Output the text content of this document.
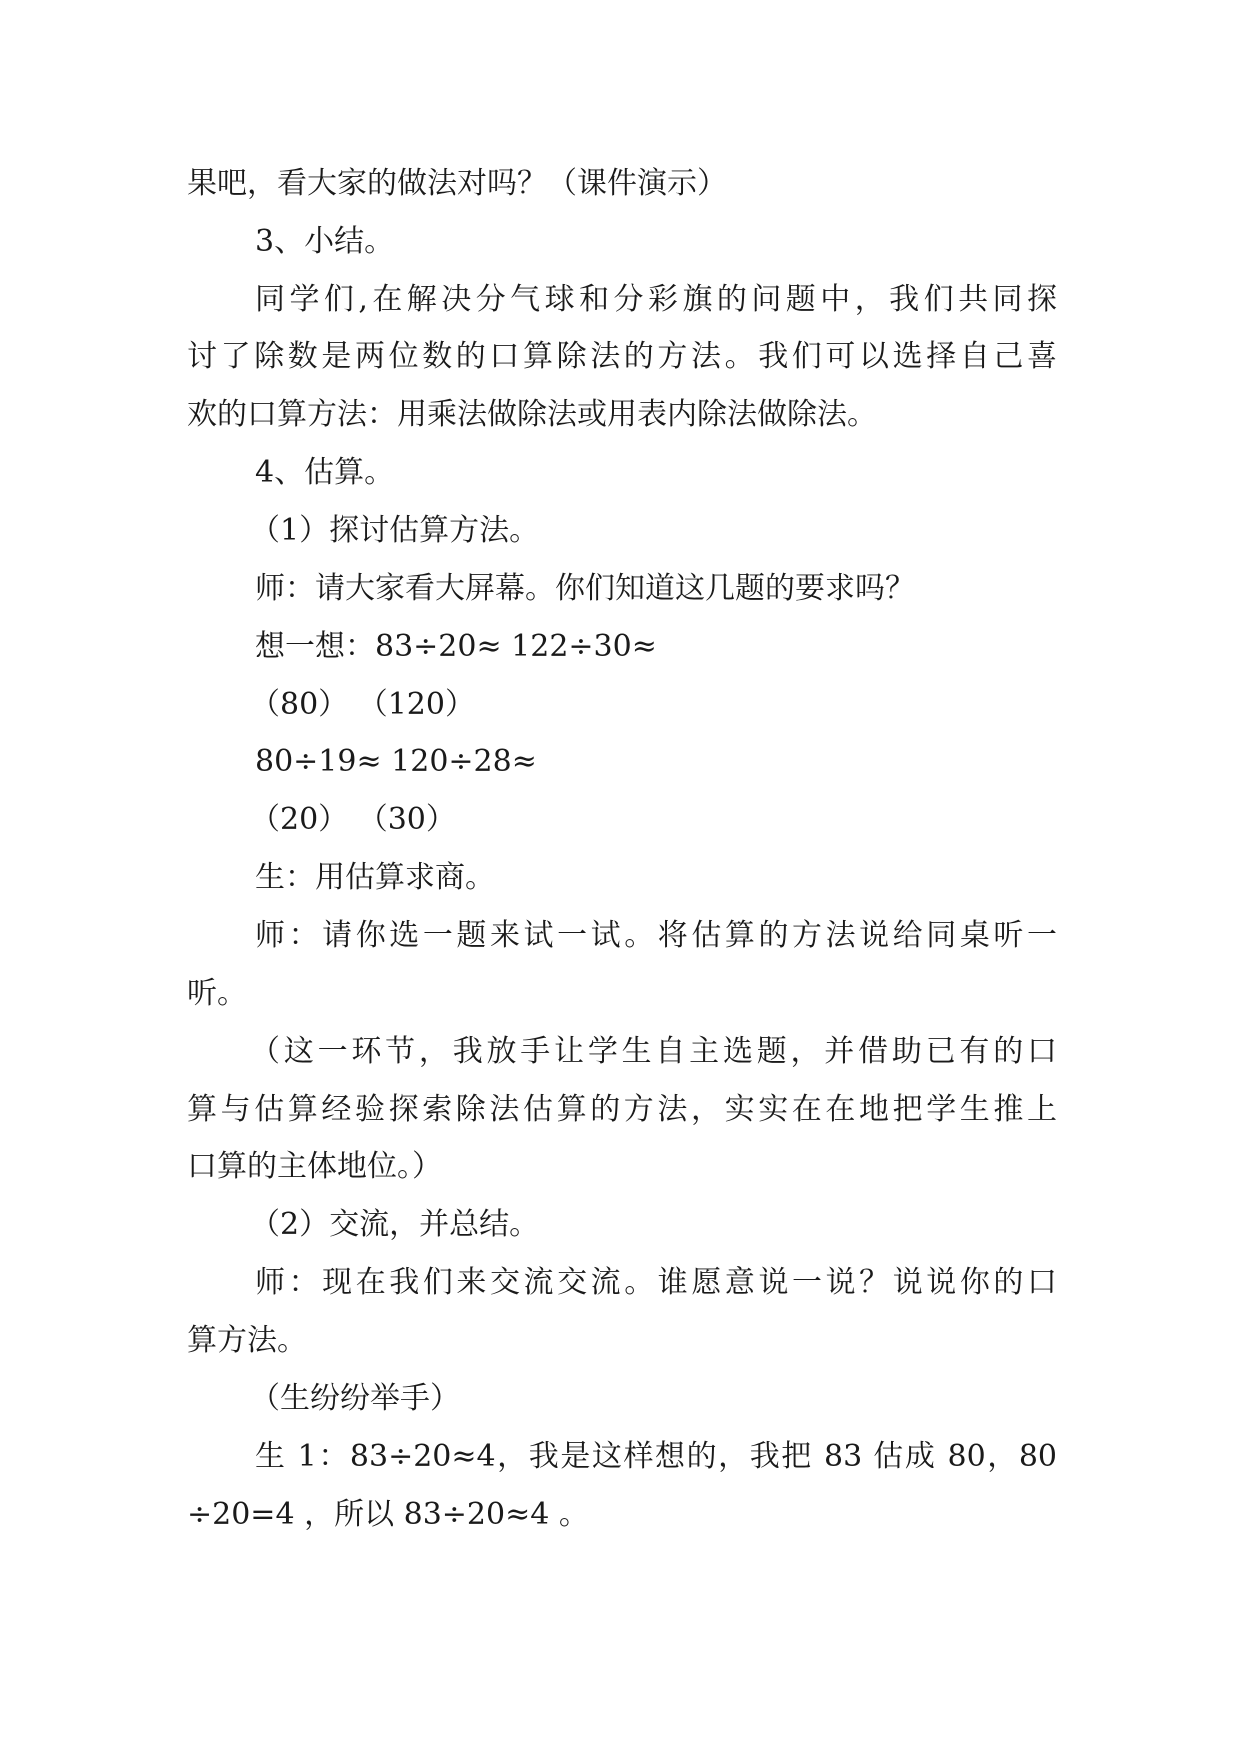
果吧，看大家的做法对吗？（课件演示）
3、小结。
同学们,在解决分气球和分彩旗的问题中，我们共同探
讨了除数是两位数的口算除法的方法。我们可以选择自己喜
欢的口算方法：用乘法做除法或用表内除法做除法。
4、估算。
（1）探讨估算方法。
师：请大家看大屏幕。你们知道这几题的要求吗？
想一想：83÷20≈ 122÷30≈
（80） （120）
80÷19≈ 120÷28≈
（20） （30）
生：用估算求商。
师：请你选一题来试一试。将估算的方法说给同桌听一
听。
（这一环节，我放手让学生自主选题，并借助已有的口
算与估算经验探索除法估算的方法，实实在在地把学生推上
口算的主体地位。）
（2）交流，并总结。
师：现在我们来交流交流。谁愿意说一说？说说你的口
算方法。
（生纷纷举手）
生 1：83÷20≈4，我是这样想的，我把 83 估成 80，80
÷20=4 ，所以 83÷20≈4 。
